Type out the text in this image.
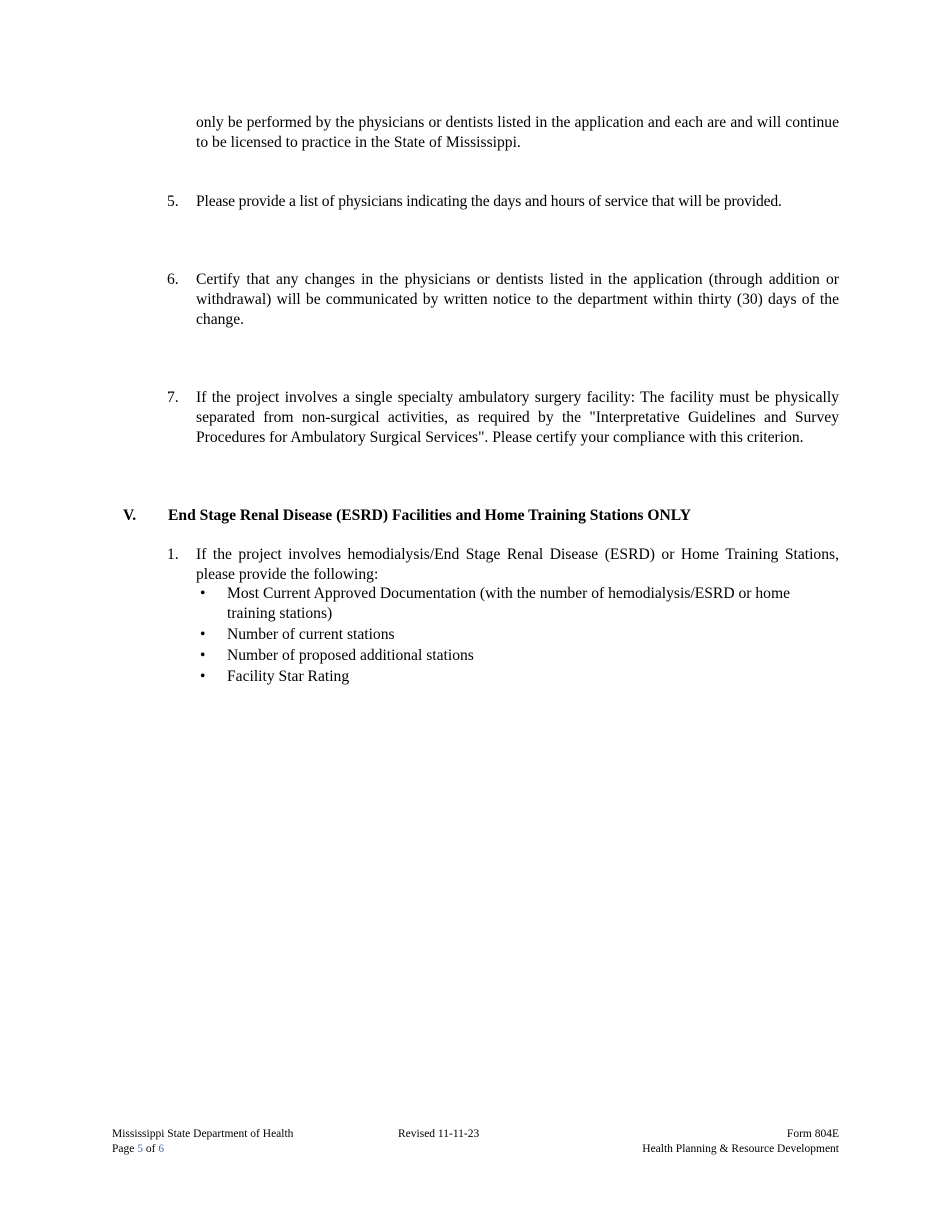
only be performed by the physicians or dentists listed in the application and each are and will continue to be licensed to practice in the State of Mississippi.
5. Please provide a list of physicians indicating the days and hours of service that will be provided.
6. Certify that any changes in the physicians or dentists listed in the application (through addition or withdrawal) will be communicated by written notice to the department within thirty (30) days of the change.
7. If the project involves a single specialty ambulatory surgery facility: The facility must be physically separated from non-surgical activities, as required by the "Interpretative Guidelines and Survey Procedures for Ambulatory Surgical Services". Please certify your compliance with this criterion.
V. End Stage Renal Disease (ESRD) Facilities and Home Training Stations ONLY
1. If the project involves hemodialysis/End Stage Renal Disease (ESRD) or Home Training Stations, please provide the following:
• Most Current Approved Documentation (with the number of hemodialysis/ESRD or home training stations)
• Number of current stations
• Number of proposed additional stations
• Facility Star Rating
Mississippi State Department of Health
Page 5 of 6
Revised 11-11-23	Form 804E
Health Planning & Resource Development
